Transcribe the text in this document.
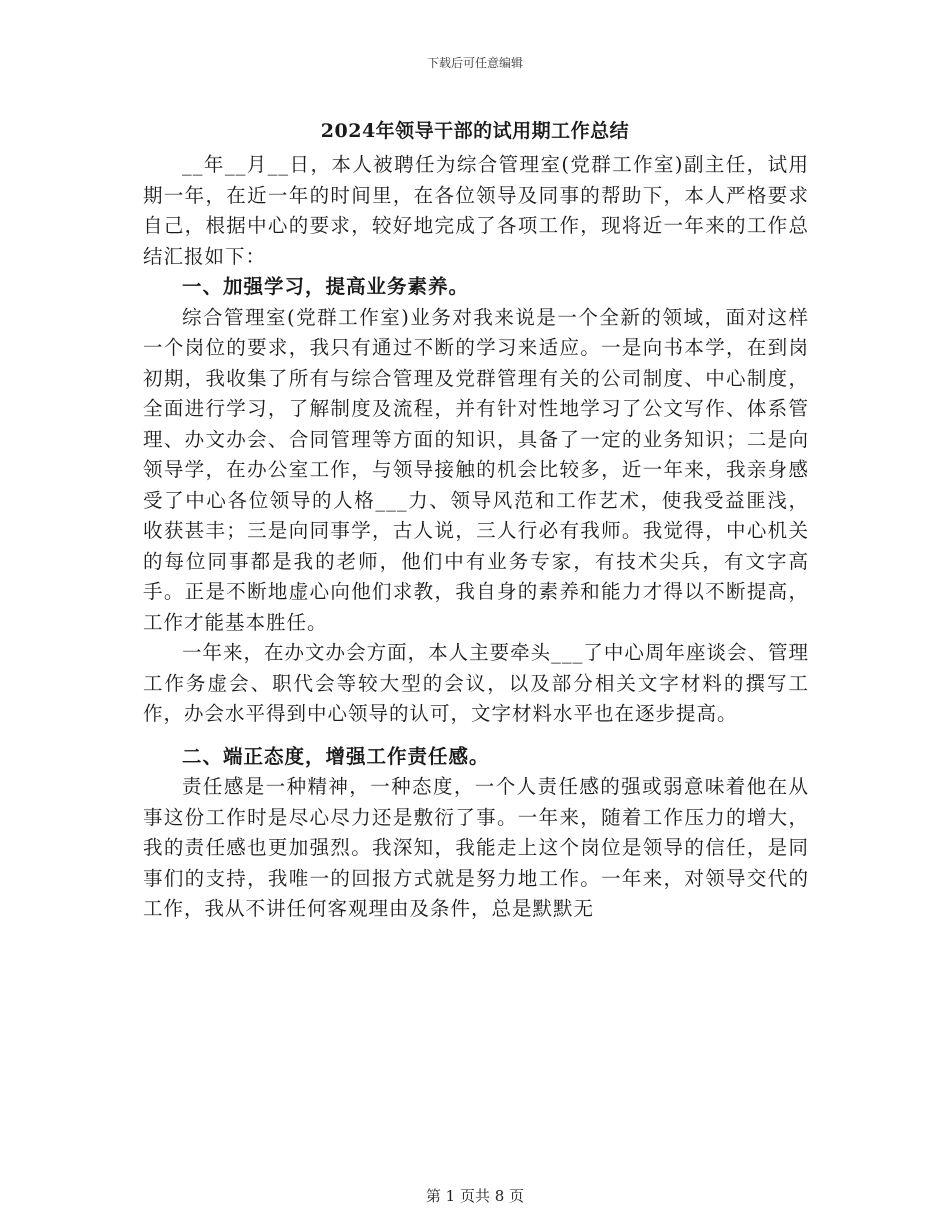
下载后可任意编辑
2024年领导干部的试用期工作总结

__年__月__日，本人被聘任为综合管理室(党群工作室)副主任，试用期一年，在近一年的时间里，在各位领导及同事的帮助下，本人严格要求自己，根据中心的要求，较好地完成了各项工作，现将近一年来的工作总结汇报如下：

一、加强学习，提高业务素养。

综合管理室(党群工作室)业务对我来说是一个全新的领域，面对这样一个岗位的要求，我只有通过不断的学习来适应。一是向书本学，在到岗初期，我收集了所有与综合管理及党群管理有关的公司制度、中心制度，全面进行学习，了解制度及流程，并有针对性地学习了公文写作、体系管理、办文办会、合同管理等方面的知识，具备了一定的业务知识；二是向领导学，在办公室工作，与领导接触的机会比较多，近一年来，我亲身感受了中心各位领导的人格___力、领导风范和工作艺术，使我受益匪浅，收获甚丰；三是向同事学，古人说，三人行必有我师。我觉得，中心机关的每位同事都是我的老师，他们中有业务专家，有技术尖兵，有文字高手。正是不断地虚心向他们求教，我自身的素养和能力才得以不断提高，工作才能基本胜任。

一年来，在办文办会方面，本人主要牵头___了中心周年座谈会、管理工作务虚会、职代会等较大型的会议，以及部分相关文字材料的撰写工作，办会水平得到中心领导的认可，文字材料水平也在逐步提高。

二、端正态度，增强工作责任感。

责任感是一种精神，一种态度，一个人责任感的强或弱意味着他在从事这份工作时是尽心尽力还是敷衍了事。一年来，随着工作压力的增大，我的责任感也更加强烈。我深知，我能走上这个岗位是领导的信任，是同事们的支持，我唯一的回报方式就是努力地工作。一年来，对领导交代的工作，我从不讲任何客观理由及条件，总是默默无

第 1 页共 8 页
